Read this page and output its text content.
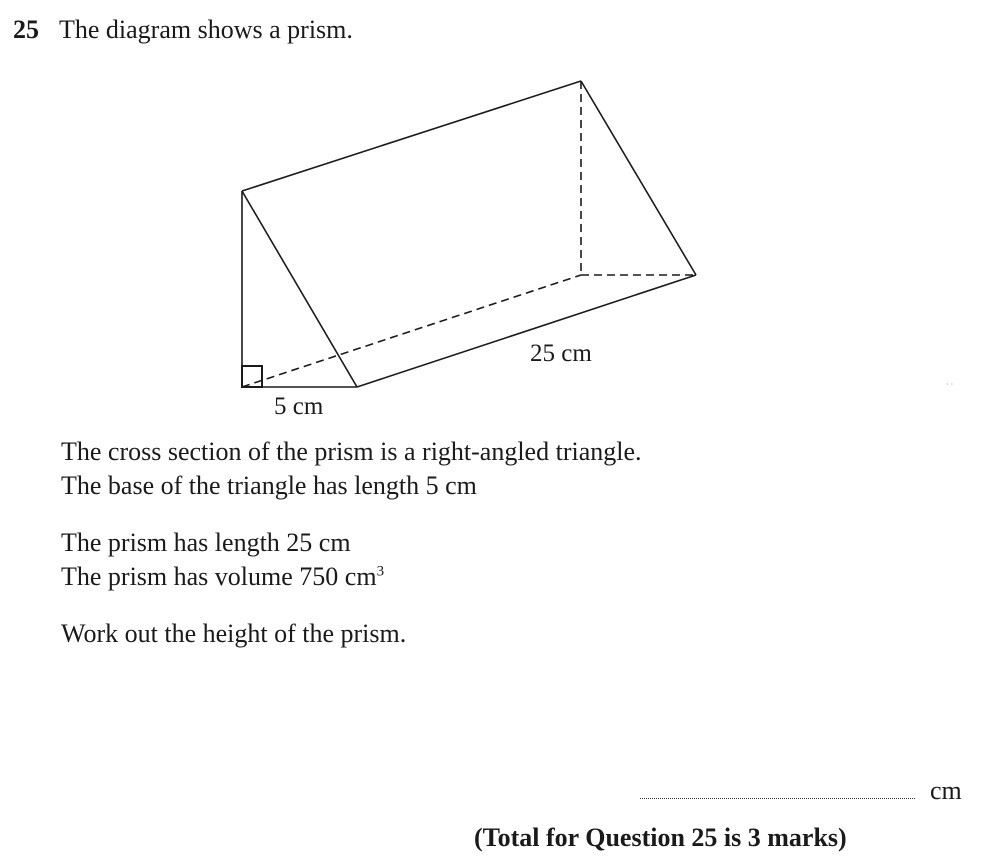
25 The diagram shows a prism.
5 cm
25 cm
· ·
The cross section of the prism is a right-angled triangle.
The base of the triangle has length 5 cm
The prism has length 25 cm
The prism has volume 750 $cm^3$
Work out the height of the prism.
cm
(Total for Question 25 is 3 marks)
